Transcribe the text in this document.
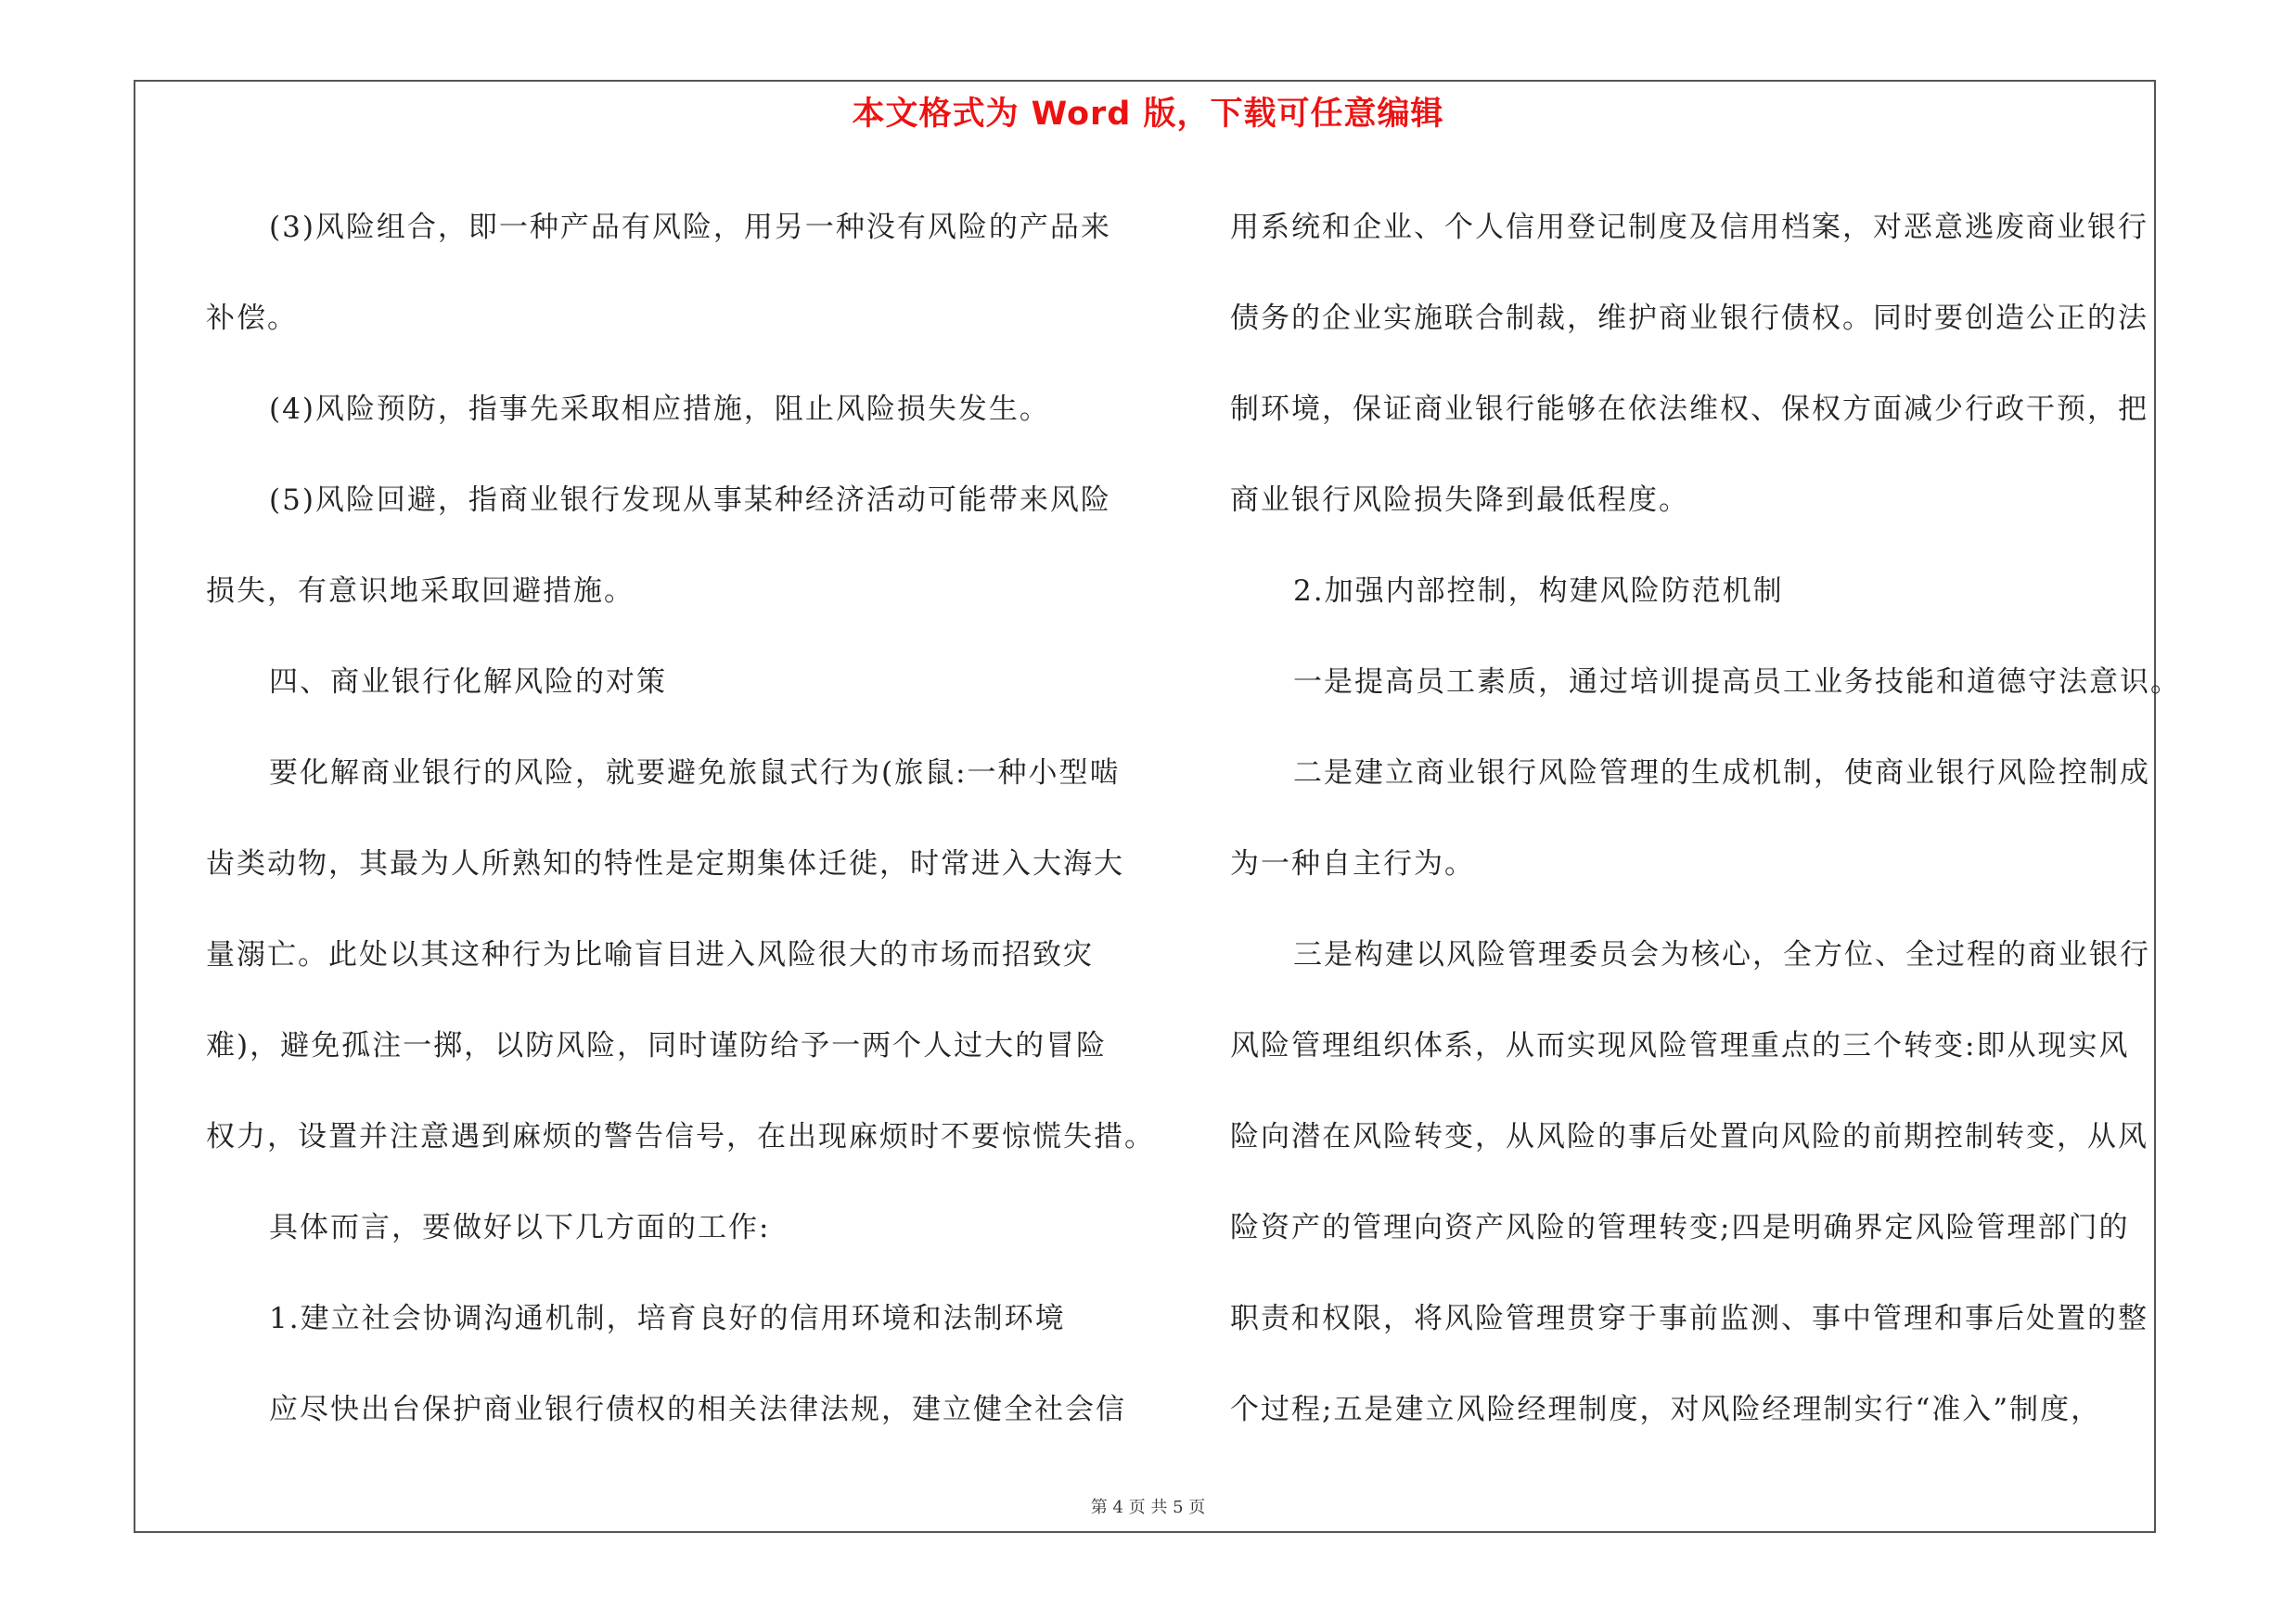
本文格式为 Word 版，下载可任意编辑
(3)风险组合，即一种产品有风险，用另一种没有风险的产品来
补偿。
(4)风险预防，指事先采取相应措施，阻止风险损失发生。
(5)风险回避，指商业银行发现从事某种经济活动可能带来风险
损失，有意识地采取回避措施。
四、商业银行化解风险的对策
要化解商业银行的风险，就要避免旅鼠式行为(旅鼠:一种小型啮
齿类动物，其最为人所熟知的特性是定期集体迁徙，时常进入大海大
量溺亡。此处以其这种行为比喻盲目进入风险很大的市场而招致灾
难)，避免孤注一掷，以防风险，同时谨防给予一两个人过大的冒险
权力，设置并注意遇到麻烦的警告信号，在出现麻烦时不要惊慌失措。
具体而言，要做好以下几方面的工作:
1.建立社会协调沟通机制，培育良好的信用环境和法制环境
应尽快出台保护商业银行债权的相关法律法规，建立健全社会信
用系统和企业、个人信用登记制度及信用档案，对恶意逃废商业银行
债务的企业实施联合制裁，维护商业银行债权。同时要创造公正的法
制环境，保证商业银行能够在依法维权、保权方面减少行政干预，把
商业银行风险损失降到最低程度。
2.加强内部控制，构建风险防范机制
一是提高员工素质，通过培训提高员工业务技能和道德守法意识。
二是建立商业银行风险管理的生成机制，使商业银行风险控制成
为一种自主行为。
三是构建以风险管理委员会为核心，全方位、全过程的商业银行
风险管理组织体系，从而实现风险管理重点的三个转变:即从现实风
险向潜在风险转变，从风险的事后处置向风险的前期控制转变，从风
险资产的管理向资产风险的管理转变;四是明确界定风险管理部门的
职责和权限，将风险管理贯穿于事前监测、事中管理和事后处置的整
个过程;五是建立风险经理制度，对风险经理制实行“准入”制度，
第 4 页 共 5 页
